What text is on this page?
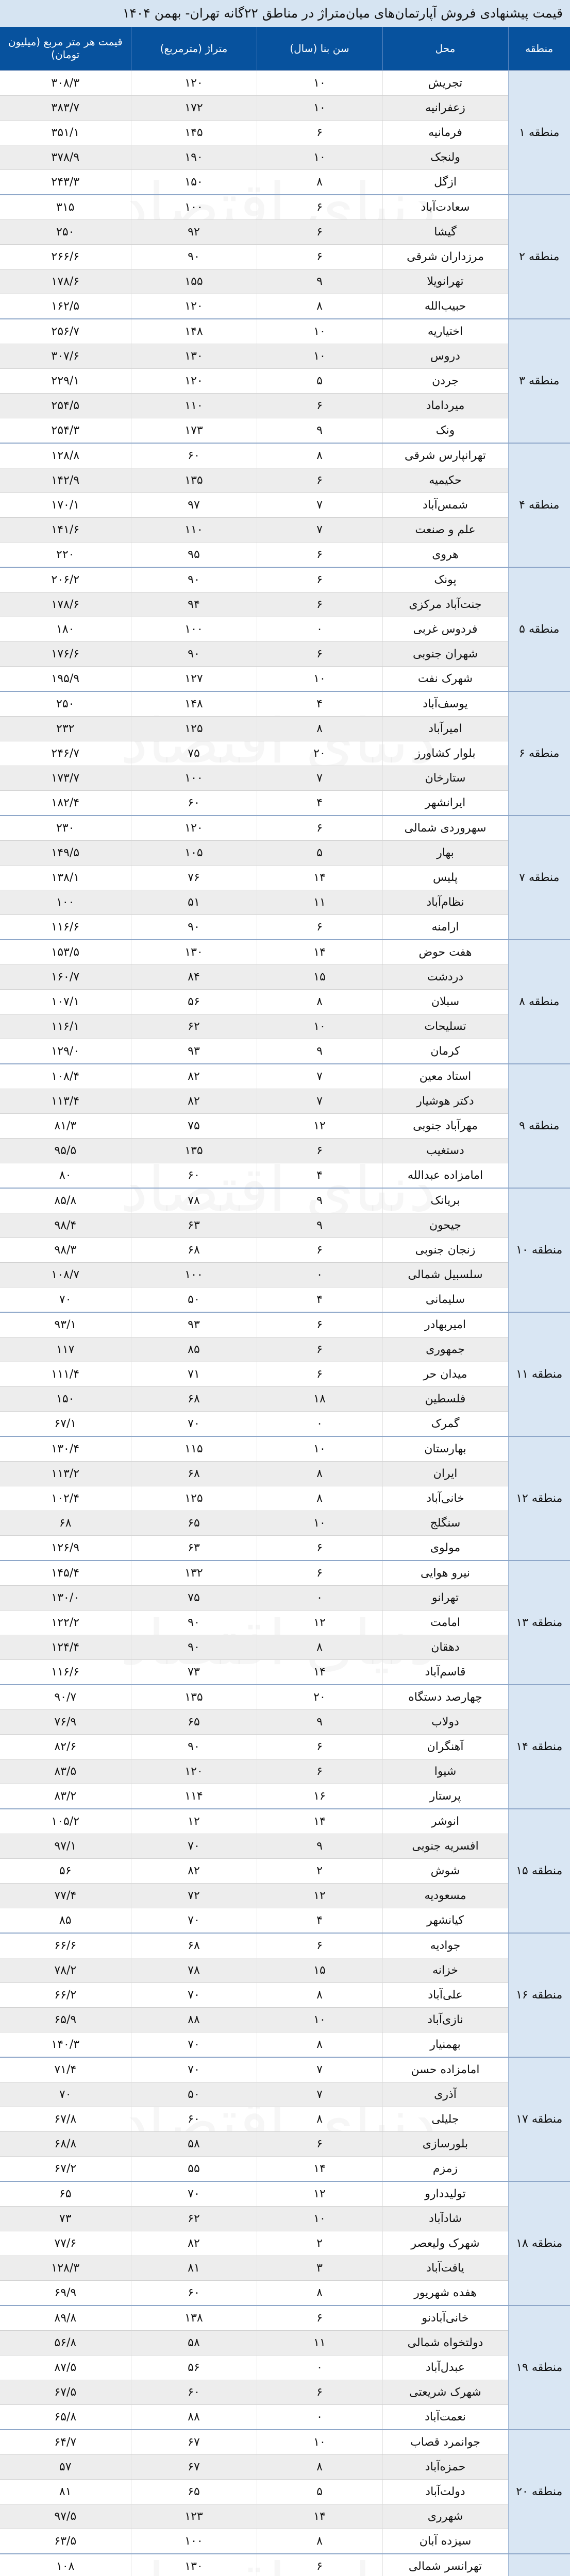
قیمت پیشنهادی فروش آپارتمان‌های میان‌متراژ در مناطق ۲۲گانه تهران- بهمن ۱۴۰۴
منطقه	محل	سن بنا (سال)	متراژ (مترمربع)	قیمت هر متر مربع (میلیون تومان)
منطقه ۱	تجریش	۱۰	۱۲۰	۳۰۸/۳
	زعفرانیه	۱۰	۱۷۲	۳۸۳/۷
	فرمانیه	۶	۱۴۵	۳۵۱/۱
	ولنجک	۱۰	۱۹۰	۳۷۸/۹
	ازگل	۸	۱۵۰	۲۴۳/۳
منطقه ۲	سعادت‌آباد	۶	۱۰۰	۳۱۵
	گیشا	۶	۹۲	۲۵۰
	مرزداران شرقی	۶	۹۰	۲۶۶/۶
	تهرانویلا	۹	۱۵۵	۱۷۸/۶
	حبیب‌الله	۸	۱۲۰	۱۶۲/۵
منطقه ۳	اختیاریه	۱۰	۱۴۸	۲۵۶/۷
	دروس	۱۰	۱۳۰	۳۰۷/۶
	جردن	۵	۱۲۰	۲۲۹/۱
	میرداماد	۶	۱۱۰	۲۵۴/۵
	ونک	۹	۱۷۳	۲۵۴/۳
منطقه ۴	تهرانپارس شرقی	۸	۶۰	۱۲۸/۸
	حکیمیه	۶	۱۳۵	۱۴۲/۹
	شمس‌آباد	۷	۹۷	۱۷۰/۱
	علم و صنعت	۷	۱۱۰	۱۴۱/۶
	هروی	۶	۹۵	۲۲۰
منطقه ۵	پونک	۶	۹۰	۲۰۶/۲
	جنت‌آباد مرکزی	۶	۹۴	۱۷۸/۶
	فردوس غربی	۰	۱۰۰	۱۸۰
	شهران جنوبی	۶	۹۰	۱۷۶/۶
	شهرک نفت	۱۰	۱۲۷	۱۹۵/۹
منطقه ۶	یوسف‌آباد	۴	۱۴۸	۲۵۰
	امیرآباد	۸	۱۲۵	۲۳۲
	بلوار کشاورز	۲۰	۷۵	۲۴۶/۷
	ستارخان	۷	۱۰۰	۱۷۳/۷
	ایرانشهر	۴	۶۰	۱۸۲/۴
منطقه ۷	سهروردی شمالی	۶	۱۲۰	۲۳۰
	بهار	۵	۱۰۵	۱۴۹/۵
	پلیس	۱۴	۷۶	۱۳۸/۱
	نظام‌آباد	۱۱	۵۱	۱۰۰
	ارامنه	۶	۹۰	۱۱۶/۶
منطقه ۸	هفت حوض	۱۴	۱۳۰	۱۵۳/۵
	دردشت	۱۵	۸۴	۱۶۰/۷
	سبلان	۸	۵۶	۱۰۷/۱
	تسلیحات	۱۰	۶۲	۱۱۶/۱
	کرمان	۹	۹۳	۱۲۹/۰
منطقه ۹	استاد معین	۷	۸۲	۱۰۸/۴
	دکتر هوشیار	۷	۸۲	۱۱۳/۴
	مهرآباد جنوبی	۱۲	۷۵	۸۱/۳
	دستغیب	۶	۱۳۵	۹۵/۵
	امامزاده عبدالله	۴	۶۰	۸۰
منطقه ۱۰	بریانک	۹	۷۸	۸۵/۸
	جیحون	۹	۶۳	۹۸/۴
	زنجان جنوبی	۶	۶۸	۹۸/۳
	سلسبیل شمالی	۰	۱۰۰	۱۰۸/۷
	سلیمانی	۴	۵۰	۷۰
منطقه ۱۱	امیربهادر	۶	۹۳	۹۳/۱
	جمهوری	۶	۸۵	۱۱۷
	میدان حر	۶	۷۱	۱۱۱/۴
	فلسطین	۱۸	۶۸	۱۵۰
	گمرک	۰	۷۰	۶۷/۱
منطقه ۱۲	بهارستان	۱۰	۱۱۵	۱۳۰/۴
	ایران	۸	۶۸	۱۱۳/۲
	خانی‌آباد	۸	۱۲۵	۱۰۲/۴
	سنگلج	۱۰	۶۵	۶۸
	مولوی	۶	۶۳	۱۲۶/۹
منطقه ۱۳	نیرو هوایی	۶	۱۳۲	۱۴۵/۴
	تهرانو	۰	۷۵	۱۳۰/۰
	امامت	۱۲	۹۰	۱۲۲/۲
	دهقان	۸	۹۰	۱۲۴/۴
	قاسم‌آباد	۱۴	۷۳	۱۱۶/۶
منطقه ۱۴	چهارصد دستگاه	۲۰	۱۳۵	۹۰/۷
	دولاب	۹	۶۵	۷۶/۹
	آهنگران	۶	۹۰	۸۲/۶
	شیوا	۶	۱۲۰	۸۳/۵
	پرستار	۱۶	۱۱۴	۸۳/۲
منطقه ۱۵	انوشر	۱۴	۱۲	۱۰۵/۲
	افسریه جنوبی	۹	۷۰	۹۷/۱
	شوش	۲	۸۲	۵۶
	مسعودیه	۱۲	۷۲	۷۷/۴
	کیانشهر	۴	۷۰	۸۵
منطقه ۱۶	جوادیه	۶	۶۸	۶۶/۶
	خزانه	۱۵	۷۸	۷۸/۲
	علی‌آباد	۸	۷۰	۶۶/۲
	نازی‌آباد	۱۰	۸۸	۶۵/۹
	بهمنیار	۸	۷۰	۱۴۰/۳
منطقه ۱۷	امامزاده حسن	۷	۷۰	۷۱/۴
	آذری	۷	۵۰	۷۰
	جلیلی	۸	۶۰	۶۷/۸
	بلورسازی	۶	۵۸	۶۸/۸
	زمزم	۱۴	۵۵	۶۷/۲
منطقه ۱۸	تولیددارو	۱۲	۷۰	۶۵
	شادآباد	۱۰	۶۲	۷۳
	شهرک ولیعصر	۲	۸۲	۷۷/۶
	یافت‌آباد	۳	۸۱	۱۲۸/۳
	هفده شهریور	۸	۶۰	۶۹/۹
منطقه ۱۹	خانی‌آبادنو	۶	۱۳۸	۸۹/۸
	دولتخواه شمالی	۱۱	۵۸	۵۶/۸
	عبدل‌آباد	۰	۵۶	۸۷/۵
	شهرک شریعتی	۶	۶۰	۶۷/۵
	نعمت‌آباد	۰	۸۸	۶۵/۸
منطقه ۲۰	جوانمرد قصاب	۱۰	۶۷	۶۴/۷
	حمزه‌آباد	۸	۶۷	۵۷
	دولت‌آباد	۵	۶۵	۸۱
	شهرری	۱۴	۱۲۳	۹۷/۵
	سیزده آبان	۸	۱۰۰	۶۳/۵
	تهرانسر شمالی	۶	۱۳۰	۱۰۸
